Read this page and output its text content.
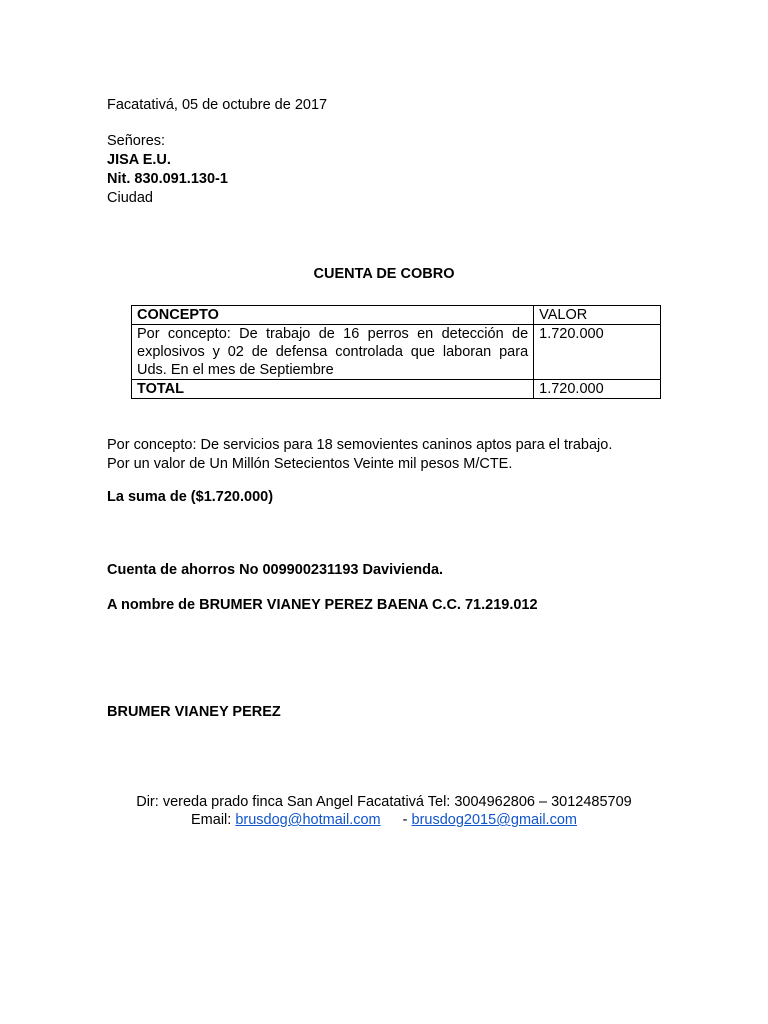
Facatativá, 05 de octubre de 2017
Señores:
JISA E.U.
Nit. 830.091.130-1
Ciudad
CUENTA DE COBRO
CONCEPTO	VALOR
Por concepto: De trabajo de 16 perros en detección de explosivos y 02 de defensa controlada que laboran para Uds. En el mes de Septiembre	1.720.000
TOTAL	1.720.000
Por concepto: De servicios para 18 semovientes caninos aptos para el trabajo.
Por un valor de Un Millón Setecientos Veinte mil pesos M/CTE.
La suma de ($1.720.000)
Cuenta de ahorros No 009900231193 Davivienda.
A nombre de BRUMER VIANEY PEREZ BAENA C.C. 71.219.012
BRUMER VIANEY PEREZ
Dir: vereda prado finca San Angel Facatativá Tel: 3004962806 – 3012485709
Email: brusdog@hotmail.com - brusdog2015@gmail.com
